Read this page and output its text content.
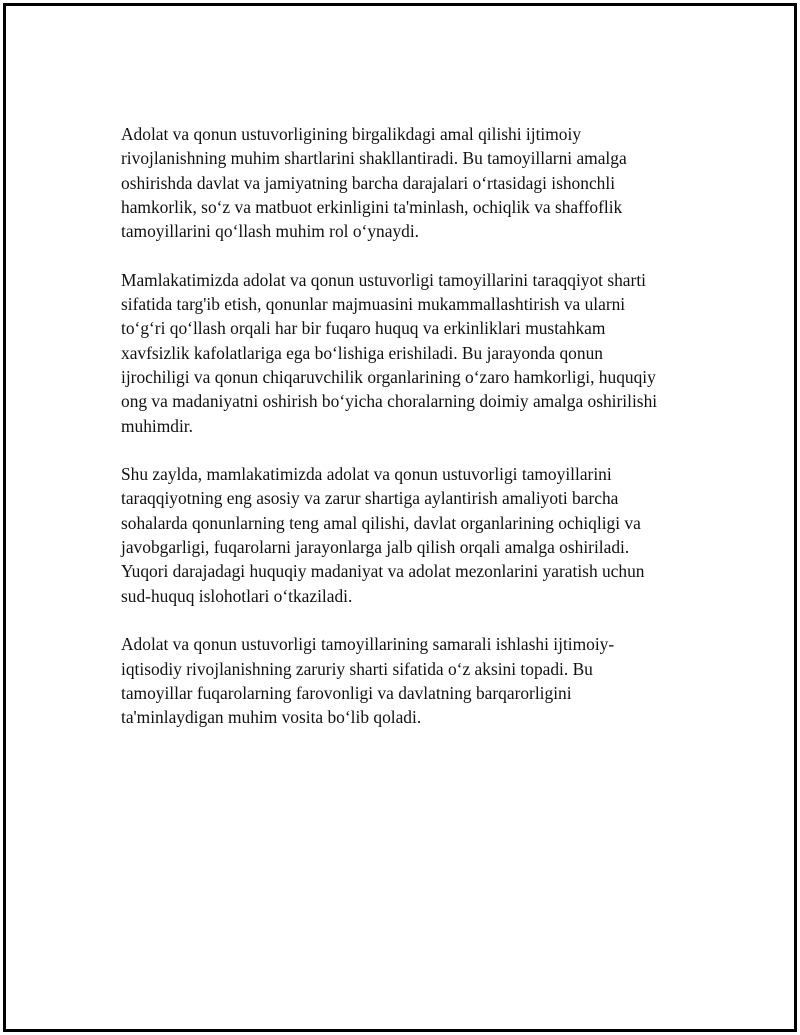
Adolat va qonun ustuvorligining birgalikdagi amal qilishi ijtimoiy
rivojlanishning muhim shartlarini shakllantiradi. Bu tamoyillarni amalga
oshirishda davlat va jamiyatning barcha darajalari o‘rtasidagi ishonchli
hamkorlik, so‘z va matbuot erkinligini ta'minlash, ochiqlik va shaffoflik
tamoyillarini qo‘llash muhim rol o‘ynaydi.

Mamlakatimizda adolat va qonun ustuvorligi tamoyillarini taraqqiyot sharti
sifatida targ'ib etish, qonunlar majmuasini mukammallashtirish va ularni
to‘g‘ri qo‘llash orqali har bir fuqaro huquq va erkinliklari mustahkam
xavfsizlik kafolatlariga ega bo‘lishiga erishiladi. Bu jarayonda qonun
ijrochiligi va qonun chiqaruvchilik organlarining o‘zaro hamkorligi, huquqiy
ong va madaniyatni oshirish bo‘yicha choralarning doimiy amalga oshirilishi
muhimdir.

Shu zaylda, mamlakatimizda adolat va qonun ustuvorligi tamoyillarini
taraqqiyotning eng asosiy va zarur shartiga aylantirish amaliyoti barcha
sohalarda qonunlarning teng amal qilishi, davlat organlarining ochiqligi va
javobgarligi, fuqarolarni jarayonlarga jalb qilish orqali amalga oshiriladi.
Yuqori darajadagi huquqiy madaniyat va adolat mezonlarini yaratish uchun
sud-huquq islohotlari o‘tkaziladi.

Adolat va qonun ustuvorligi tamoyillarining samarali ishlashi ijtimoiy-
iqtisodiy rivojlanishning zaruriy sharti sifatida o‘z aksini topadi. Bu
tamoyillar fuqarolarning farovonligi va davlatning barqarorligini
ta'minlaydigan muhim vosita bo‘lib qoladi.
